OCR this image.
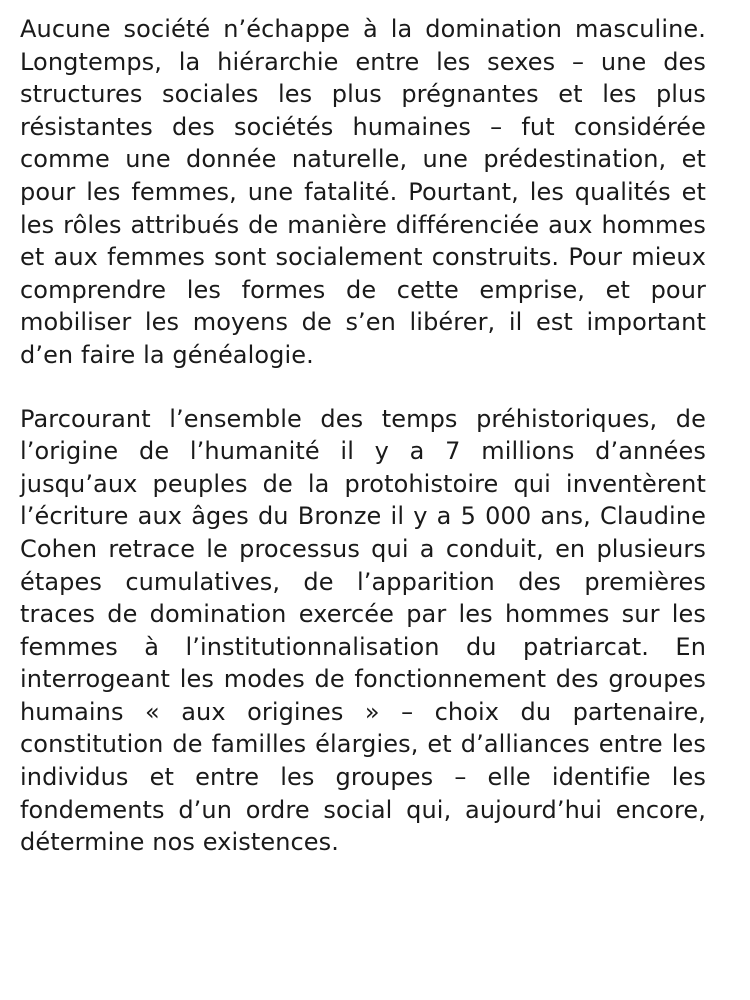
Aucune société n’échappe à la domination masculine. Longtemps, la hiérarchie entre les sexes – une des structures sociales les plus prégnantes et les plus résistantes des sociétés humaines – fut considérée comme une donnée naturelle, une prédestination, et pour les femmes, une fatalité. Pourtant, les qualités et les rôles attribués de manière différenciée aux hommes et aux femmes sont socialement construits. Pour mieux comprendre les formes de cette emprise, et pour mobiliser les moyens de s’en libérer, il est important d’en faire la généalogie.

Parcourant l’ensemble des temps préhistoriques, de l’origine de l’humanité il y a 7 millions d’années jusqu’aux peuples de la protohistoire qui inventèrent l’écriture aux âges du Bronze il y a 5 000 ans, Claudine Cohen retrace le processus qui a conduit, en plusieurs étapes cumulatives, de l’apparition des premières traces de domination exercée par les hommes sur les femmes à l’institutionnalisation du patriarcat. En interrogeant les modes de fonctionnement des groupes humains « aux origines » – choix du partenaire, constitution de familles élargies, et d’alliances entre les individus et entre les groupes – elle identifie les fondements d’un ordre social qui, aujourd’hui encore, détermine nos existences.
